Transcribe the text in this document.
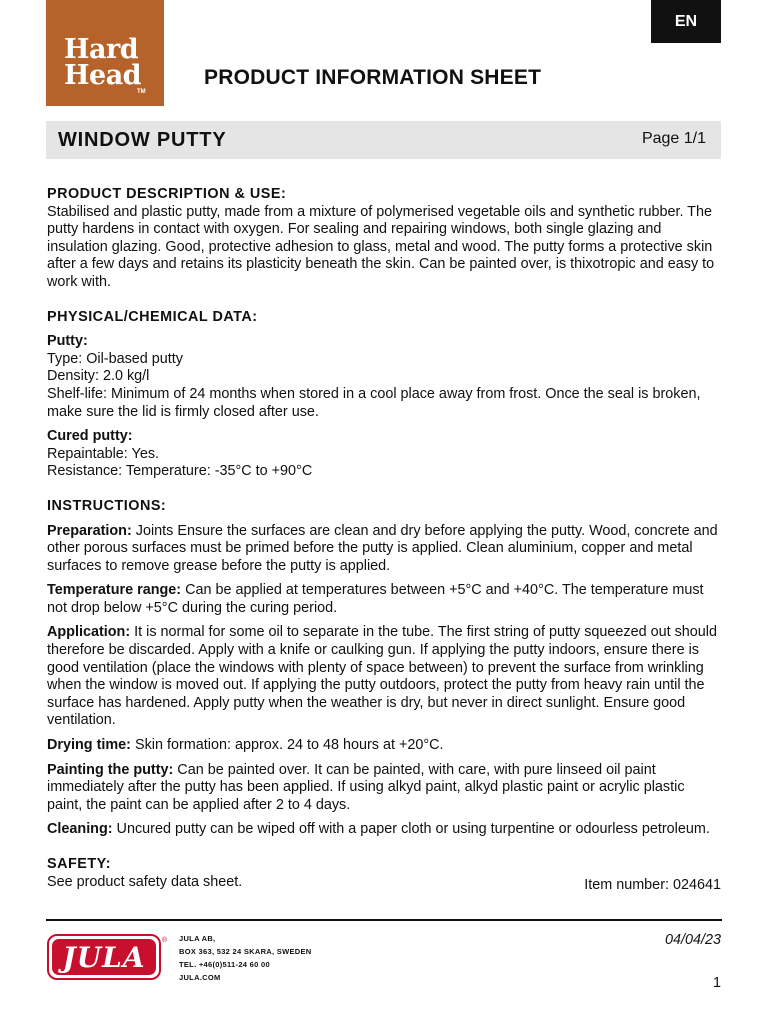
Hard
Head
TM
EN
PRODUCT INFORMATION SHEET
WINDOW PUTTY	Page 1/1
PRODUCT DESCRIPTION & USE:

Stabilised and plastic putty, made from a mixture of polymerised vegetable oils and synthetic rubber. The putty hardens in contact with oxygen. For sealing and repairing windows, both single glazing and insulation glazing. Good, protective adhesion to glass, metal and wood. The putty forms a protective skin after a few days and retains its plasticity beneath the skin. Can be painted over, is thixotropic and easy to work with.

PHYSICAL/CHEMICAL DATA:
Putty:
Type: Oil-based putty
Density: 2.0 kg/l
Shelf-life: Minimum of 24 months when stored in a cool place away from frost. Once the seal is broken, make sure the lid is firmly closed after use.
Cured putty:
Repaintable: Yes.
Resistance: Temperature: -35°C to +90°C
INSTRUCTIONS:

Preparation: Joints Ensure the surfaces are clean and dry before applying the putty. Wood, concrete and other porous surfaces must be primed before the putty is applied. Clean aluminium, copper and metal surfaces to remove grease before the putty is applied.

Temperature range: Can be applied at temperatures between +5°C and +40°C. The temperature must not drop below +5°C during the curing period.

Application: It is normal for some oil to separate in the tube. The first string of putty squeezed out should therefore be discarded. Apply with a knife or caulking gun. If applying the putty indoors, ensure there is good ventilation (place the windows with plenty of space between) to prevent the surface from wrinkling when the window is moved out. If applying the putty outdoors, protect the putty from heavy rain until the surface has hardened. Apply putty when the weather is dry, but never in direct sunlight. Ensure good ventilation.

Drying time: Skin formation: approx. 24 to 48 hours at +20°C.

Painting the putty: Can be painted over. It can be painted, with care, with pure linseed oil paint immediately after the putty has been applied. If using alkyd paint, alkyd plastic paint or acrylic plastic paint, the paint can be applied after 2 to 4 days.

Cleaning: Uncured putty can be wiped off with a paper cloth or using turpentine or odourless petroleum.

SAFETY:

See product safety data sheet.	Item number: 024641
JULA	® JULA AB,
BOX 363, 532 24 SKARA, SWEDEN
TEL. +46(0)511-24 60 00
JULA.COM
04/04/23
1
